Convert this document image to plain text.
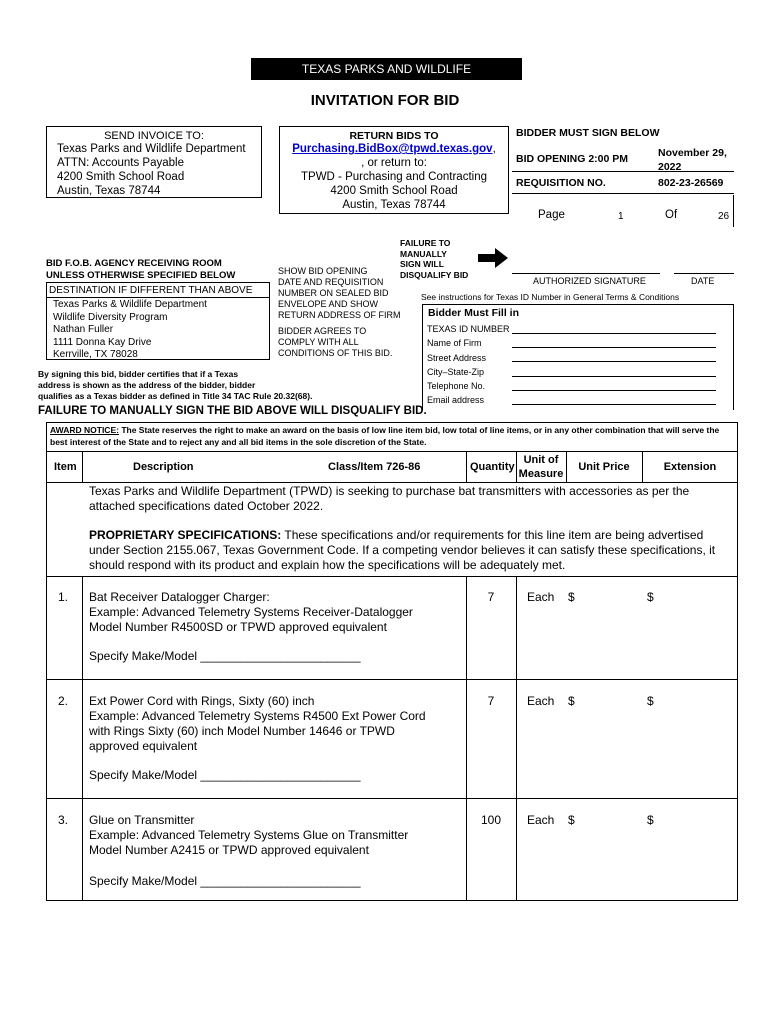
TEXAS PARKS AND WILDLIFE
INVITATION FOR BID
SEND INVOICE TO:
Texas Parks and Wildlife Department
ATTN: Accounts Payable
4200 Smith School Road
Austin, Texas 78744
RETURN BIDS TO
Purchasing.BidBox@tpwd.texas.gov,
, or return to:
TPWD - Purchasing and Contracting
4200 Smith School Road
Austin, Texas 78744
BIDDER MUST SIGN BELOW
BID OPENING 2:00 PM	November 29,
2022
REQUISITION NO.	802-23-26569
Page	1	Of	26
BID F.O.B. AGENCY RECEIVING ROOM
UNLESS OTHERWISE SPECIFIED BELOW
DESTINATION IF DIFFERENT THAN ABOVE
Texas Parks & Wildlife Department
Wildlife Diversity Program
Nathan Fuller
1111 Donna Kay Drive
Kerrville, TX 78028
SHOW BID OPENING
DATE AND REQUISITION
NUMBER ON SEALED BID
ENVELOPE AND SHOW
RETURN ADDRESS OF FIRM
BIDDER AGREES TO
COMPLY WITH ALL
CONDITIONS OF THIS BID.
FAILURE TO
MANUALLY
SIGN WILL
DISQUALIFY BID
AUTHORIZED SIGNATURE	DATE
See instructions for Texas ID Number in General Terms & Conditions
Bidder Must Fill in
TEXAS ID NUMBER
Name of Firm
Street Address
City–State-Zip
Telephone No.
Email address
By signing this bid, bidder certifies that if a Texas
address is shown as the address of the bidder, bidder
qualifies as a Texas bidder as defined in Title 34 TAC Rule 20.32(68).
FAILURE TO MANUALLY SIGN THE BID ABOVE WILL DISQUALIFY BID.
AWARD NOTICE: The State reserves the right to make an award on the basis of low line item bid, low total of line items, or in any other combination that will serve the best interest of the State and to reject any and all bid items in the sole discretion of the State.
Item	Description	Class/Item 726-86	Quantity
Unit of
Measure
Unit Price	Extension
Texas Parks and Wildlife Department (TPWD) is seeking to purchase bat transmitters with accessories as per the attached specifications dated October 2022.
PROPRIETARY SPECIFICATIONS: These specifications and/or requirements for this line item are being advertised under Section 2155.067, Texas Government Code. If a competing vendor believes it can satisfy these specifications, it should respond with its product and explain how the specifications will be adequately met.
1. Bat Receiver Datalogger Charger:
Example: Advanced Telemetry Systems Receiver-Datalogger
Model Number R4500SD or TPWD approved equivalent
Specify Make/Model ________________________
7	Each $	$
2. Ext Power Cord with Rings, Sixty (60) inch
Example: Advanced Telemetry Systems R4500 Ext Power Cord
with Rings Sixty (60) inch Model Number 14646 or TPWD
approved equivalent
Specify Make/Model ________________________
7	Each $	$
3. Glue on Transmitter
Example: Advanced Telemetry Systems Glue on Transmitter
Model Number A2415 or TPWD approved equivalent
Specify Make/Model ________________________
100	Each $	$
